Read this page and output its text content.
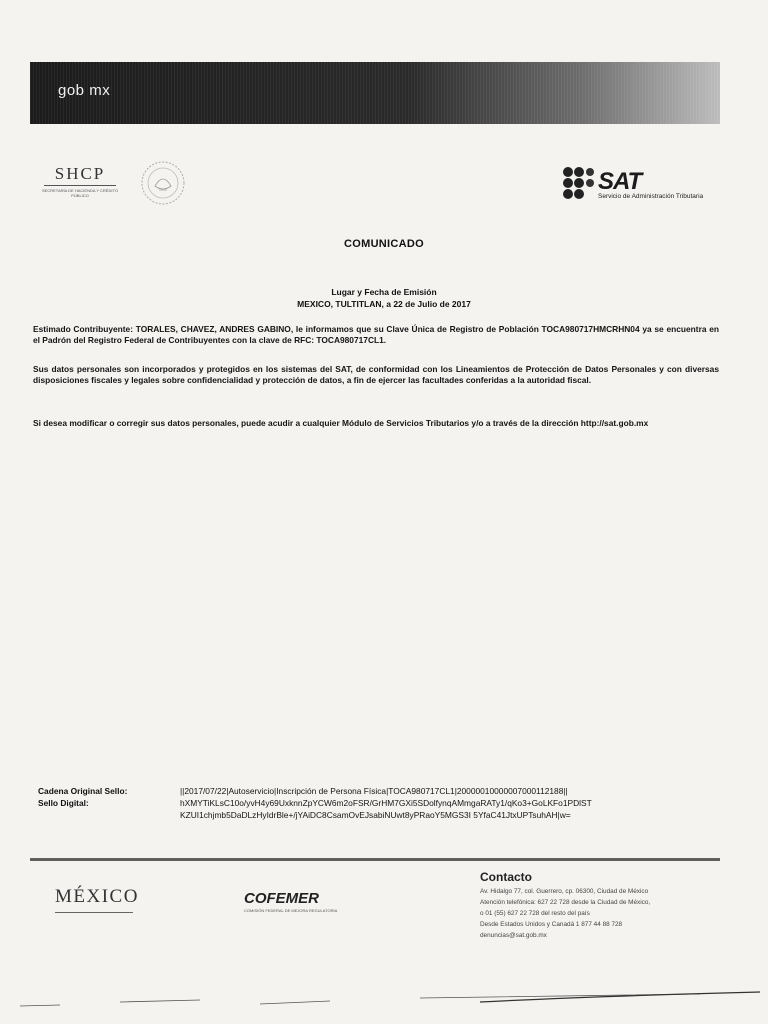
gob mx
SHCP
SECRETARÍA DE HACIENDA Y CRÉDITO PÚBLICO
SAT
Servicio de Administración Tributaria
COMUNICADO
Lugar y Fecha de Emisión
MEXICO, TULTITLAN, a 22 de Julio de 2017
Estimado Contribuyente: TORALES, CHAVEZ, ANDRES GABINO, le informamos que su Clave Única de Registro de Población TOCA980717HMCRHN04 ya se encuentra en el Padrón del Registro Federal de Contribuyentes con la clave de RFC: TOCA980717CL1.
Sus datos personales son incorporados y protegidos en los sistemas del SAT, de conformidad con los Lineamientos de Protección de Datos Personales y con diversas disposiciones fiscales y legales sobre confidencialidad y protección de datos, a fin de ejercer las facultades conferidas a la autoridad fiscal.
Si desea modificar o corregir sus datos personales, puede acudir a cualquier Módulo de Servicios Tributarios y/o a través de la dirección http://sat.gob.mx
Cadena Original Sello:	||2017/07/22|Autoservicio|Inscripción de Persona Física|TOCA980717CL1|20000010000007000112188||
Sello Digital:	hXMYTiKLsC10o/yvH4y69UxknnZpYCW6m2oFSR/GrHM7GXi5SDolfynqAMmgaRATy1/qKo3+GoLKFo1PDlST
KZUI1chjmb5DaDLzHyIdrBle+/jYAiDC8CsamOvEJsabiNUwt8yPRaoY5MGS3I 5YfaC41JtxUPTsuhAH|w=
MÉXICO	COFEMER
COMISIÓN FEDERAL DE MEJORA REGULATORIA
Contacto
Av. Hidalgo 77, col. Guerrero, cp. 06300, Ciudad de México
Atención telefónica: 627 22 728 desde la Ciudad de México,
o 01 (55) 627 22 728 del resto del país
Desde Estados Unidos y Canadá 1 877 44 88 728
denuncias@sat.gob.mx
